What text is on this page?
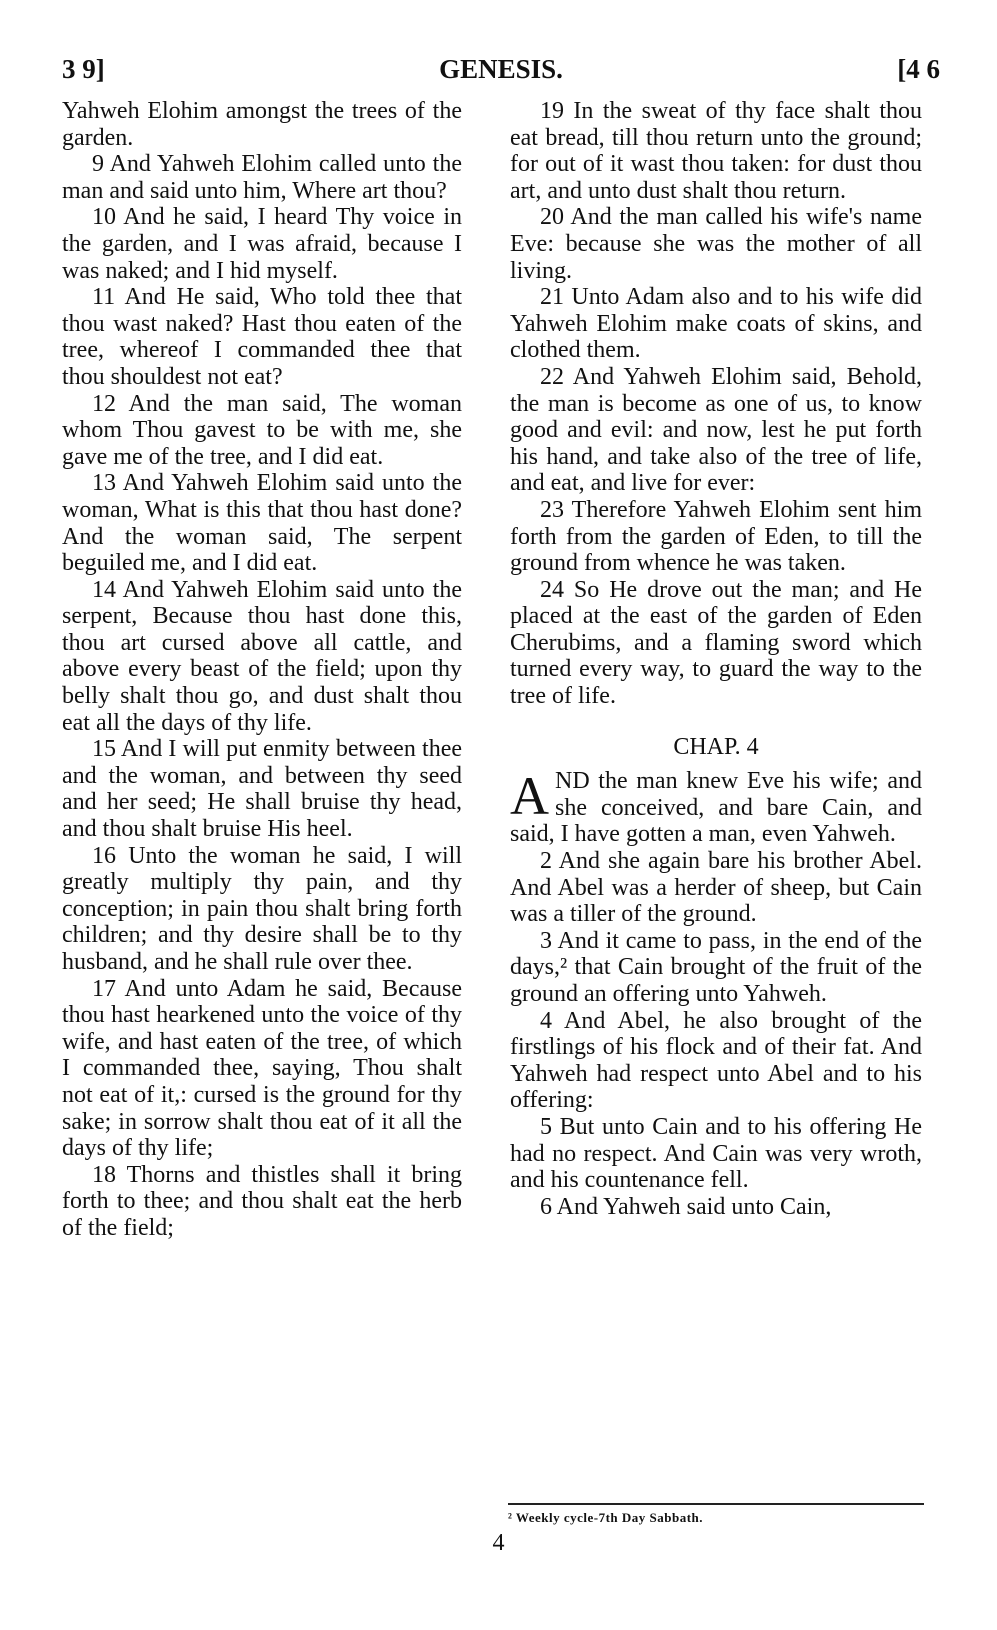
3 9]	GENESIS.	[4 6

Yahweh Elohim amongst the trees of the garden.

9 And Yahweh Elohim called unto the man and said unto him, Where art thou?

10 And he said, I heard Thy voice in the garden, and I was afraid, because I was naked; and I hid myself.

11 And He said, Who told thee that thou wast naked? Hast thou eaten of the tree, whereof I commanded thee that thou shouldest not eat?

12 And the man said, The woman whom Thou gavest to be with me, she gave me of the tree, and I did eat.

13 And Yahweh Elohim said unto the woman, What is this that thou hast done? And the woman said, The serpent beguiled me, and I did eat.

14 And Yahweh Elohim said unto the serpent, Because thou hast done this, thou art cursed above all cattle, and above every beast of the field; upon thy belly shalt thou go, and dust shalt thou eat all the days of thy life.

15 And I will put enmity between thee and the woman, and between thy seed and her seed; He shall bruise thy head, and thou shalt bruise His heel.

16 Unto the woman he said, I will greatly multiply thy pain, and thy conception; in pain thou shalt bring forth children; and thy desire shall be to thy husband, and he shall rule over thee.

17 And unto Adam he said, Because thou hast hearkened unto the voice of thy wife, and hast eaten of the tree, of which I commanded thee, saying, Thou shalt not eat of it,: cursed is the ground for thy sake; in sorrow shalt thou eat of it all the days of thy life;

18 Thorns and thistles shall it bring forth to thee; and thou shalt eat the herb of the field;

19 In the sweat of thy face shalt thou eat bread, till thou return unto the ground; for out of it wast thou taken: for dust thou art, and unto dust shalt thou return.

20 And the man called his wife's name Eve: because she was the mother of all living.

21 Unto Adam also and to his wife did Yahweh Elohim make coats of skins, and clothed them.

22 And Yahweh Elohim said, Behold, the man is become as one of us, to know good and evil: and now, lest he put forth his hand, and take also of the tree of life, and eat, and live for ever:

23 Therefore Yahweh Elohim sent him forth from the garden of Eden, to till the ground from whence he was taken.

24 So He drove out the man; and He placed at the east of the garden of Eden Cherubims, and a flaming sword which turned every way, to guard the way to the tree of life.

CHAP. 4

A ND the man knew Eve his wife; and she conceived, and bare Cain, and said, I have gotten a man, even Yahweh.

2 And she again bare his brother Abel. And Abel was a herder of sheep, but Cain was a tiller of the ground.

3 And it came to pass, in the end of the days,² that Cain brought of the fruit of the ground an offering unto Yahweh.

4 And Abel, he also brought of the firstlings of his flock and of their fat. And Yahweh had respect unto Abel and to his offering:

5 But unto Cain and to his offering He had no respect. And Cain was very wroth, and his countenance fell.

6 And Yahweh said unto Cain,

² Weekly cycle-7th Day Sabbath.
4
